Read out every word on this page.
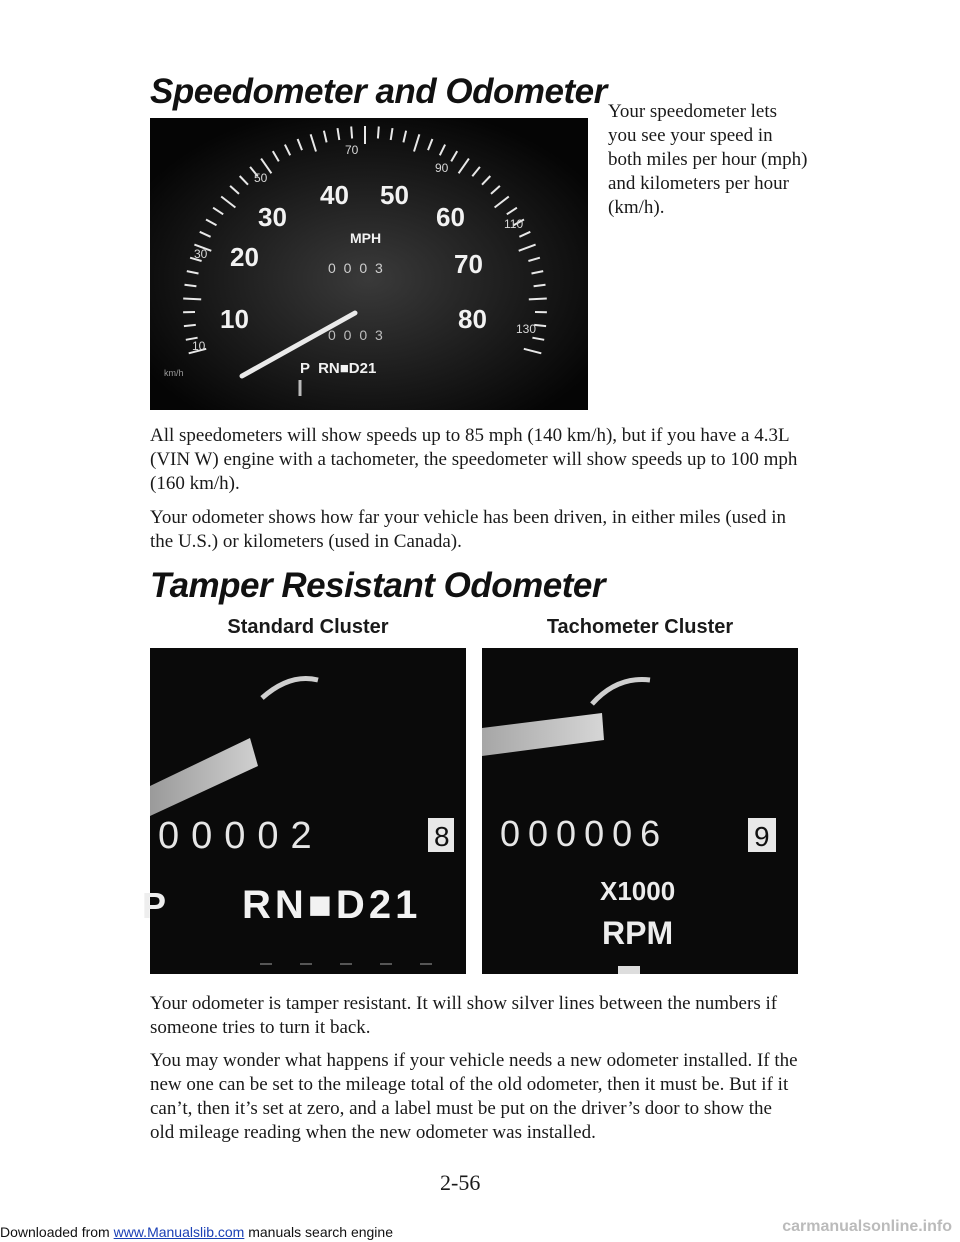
Speedometer and Odometer
10
20
30
40 50
60
70
80
10
30
50
70
90
110
130
MPH
km/h
0 0 0 3
0 0 0 3
P  RN■D21

Your speedometer lets you see your speed in both miles per hour (mph) and kilometers per hour (km/h).

All speedometers will show speeds up to 85 mph (140 km/h), but if you have a 4.3L (VIN W) engine with a tachometer, the speedometer will show speeds up to 100 mph (160 km/h).

Your odometer shows how far your vehicle has been driven, in either miles (used in the U.S.) or kilometers (used in Canada).

Tamper Resistant Odometer

Standard Cluster	Tachometer Cluster

00002	8
P RN■D21
000006	9
X1000
RPM

Your odometer is tamper resistant. It will show silver lines between the numbers if someone tries to turn it back.

You may wonder what happens if your vehicle needs a new odometer installed. If the new one can be set to the mileage total of the old odometer, then it must be. But if it can’t, then it’s set at zero, and a label must be put on the driver’s door to show the old mileage reading when the new odometer was installed.

2-56

Downloaded from www.Manualslib.com manuals search engine	carmanualsonline.info
